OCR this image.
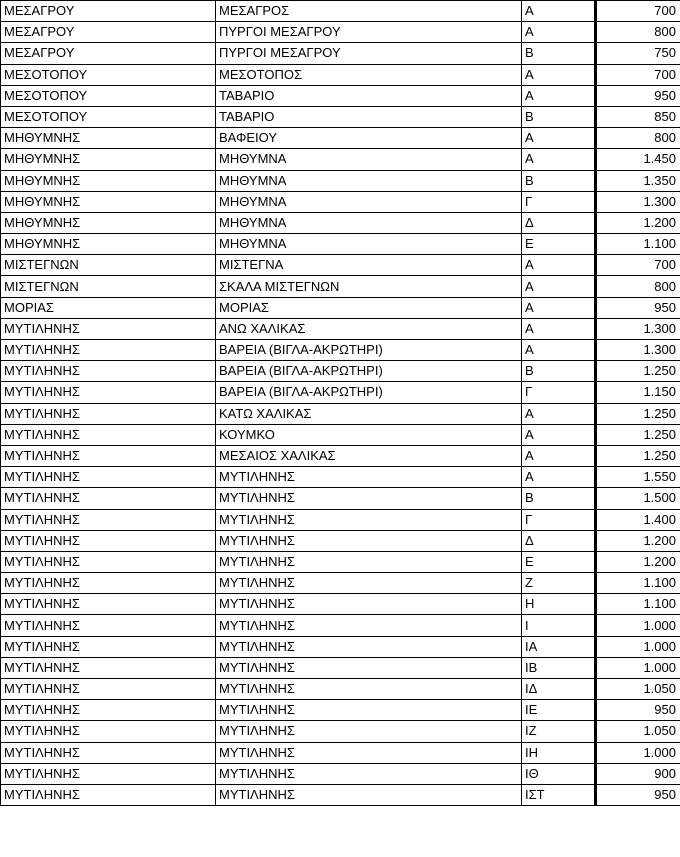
ΜΕΣΑΓΡΟΥ	ΜΕΣΑΓΡΟΣ	Α	700
ΜΕΣΑΓΡΟΥ	ΠΥΡΓΟΙ ΜΕΣΑΓΡΟΥ	Α	800
ΜΕΣΑΓΡΟΥ	ΠΥΡΓΟΙ ΜΕΣΑΓΡΟΥ	Β	750
ΜΕΣΟΤΟΠΟΥ	ΜΕΣΟΤΟΠΟΣ	Α	700
ΜΕΣΟΤΟΠΟΥ	ΤΑΒΑΡΙΟ	Α	950
ΜΕΣΟΤΟΠΟΥ	ΤΑΒΑΡΙΟ	Β	850
ΜΗΘΥΜΝΗΣ	ΒΑΦΕΙΟΥ	Α	800
ΜΗΘΥΜΝΗΣ	ΜΗΘΥΜΝΑ	Α	1.450
ΜΗΘΥΜΝΗΣ	ΜΗΘΥΜΝΑ	Β	1.350
ΜΗΘΥΜΝΗΣ	ΜΗΘΥΜΝΑ	Γ	1.300
ΜΗΘΥΜΝΗΣ	ΜΗΘΥΜΝΑ	Δ	1.200
ΜΗΘΥΜΝΗΣ	ΜΗΘΥΜΝΑ	Ε	1.100
ΜΙΣΤΕΓΝΩΝ	ΜΙΣΤΕΓΝΑ	Α	700
ΜΙΣΤΕΓΝΩΝ	ΣΚΑΛΑ ΜΙΣΤΕΓΝΩΝ	Α	800
ΜΟΡΙΑΣ	ΜΟΡΙΑΣ	Α	950
ΜΥΤΙΛΗΝΗΣ	ΑΝΩ ΧΑΛΙΚΑΣ	Α	1.300
ΜΥΤΙΛΗΝΗΣ	ΒΑΡΕΙΑ (ΒΙΓΛΑ-ΑΚΡΩΤΗΡΙ)	Α	1.300
ΜΥΤΙΛΗΝΗΣ	ΒΑΡΕΙΑ (ΒΙΓΛΑ-ΑΚΡΩΤΗΡΙ)	Β	1.250
ΜΥΤΙΛΗΝΗΣ	ΒΑΡΕΙΑ (ΒΙΓΛΑ-ΑΚΡΩΤΗΡΙ)	Γ	1.150
ΜΥΤΙΛΗΝΗΣ	ΚΑΤΩ ΧΑΛΙΚΑΣ	Α	1.250
ΜΥΤΙΛΗΝΗΣ	ΚΟΥΜΚΟ	Α	1.250
ΜΥΤΙΛΗΝΗΣ	ΜΕΣΑΙΟΣ ΧΑΛΙΚΑΣ	Α	1.250
ΜΥΤΙΛΗΝΗΣ	ΜΥΤΙΛΗΝΗΣ	Α	1.550
ΜΥΤΙΛΗΝΗΣ	ΜΥΤΙΛΗΝΗΣ	Β	1.500
ΜΥΤΙΛΗΝΗΣ	ΜΥΤΙΛΗΝΗΣ	Γ	1.400
ΜΥΤΙΛΗΝΗΣ	ΜΥΤΙΛΗΝΗΣ	Δ	1.200
ΜΥΤΙΛΗΝΗΣ	ΜΥΤΙΛΗΝΗΣ	Ε	1.200
ΜΥΤΙΛΗΝΗΣ	ΜΥΤΙΛΗΝΗΣ	Ζ	1.100
ΜΥΤΙΛΗΝΗΣ	ΜΥΤΙΛΗΝΗΣ	Η	1.100
ΜΥΤΙΛΗΝΗΣ	ΜΥΤΙΛΗΝΗΣ	Ι	1.000
ΜΥΤΙΛΗΝΗΣ	ΜΥΤΙΛΗΝΗΣ	ΙΑ	1.000
ΜΥΤΙΛΗΝΗΣ	ΜΥΤΙΛΗΝΗΣ	ΙΒ	1.000
ΜΥΤΙΛΗΝΗΣ	ΜΥΤΙΛΗΝΗΣ	ΙΔ	1.050
ΜΥΤΙΛΗΝΗΣ	ΜΥΤΙΛΗΝΗΣ	ΙΕ	950
ΜΥΤΙΛΗΝΗΣ	ΜΥΤΙΛΗΝΗΣ	ΙΖ	1.050
ΜΥΤΙΛΗΝΗΣ	ΜΥΤΙΛΗΝΗΣ	ΙΗ	1.000
ΜΥΤΙΛΗΝΗΣ	ΜΥΤΙΛΗΝΗΣ	ΙΘ	900
ΜΥΤΙΛΗΝΗΣ	ΜΥΤΙΛΗΝΗΣ	ΙΣΤ	950
